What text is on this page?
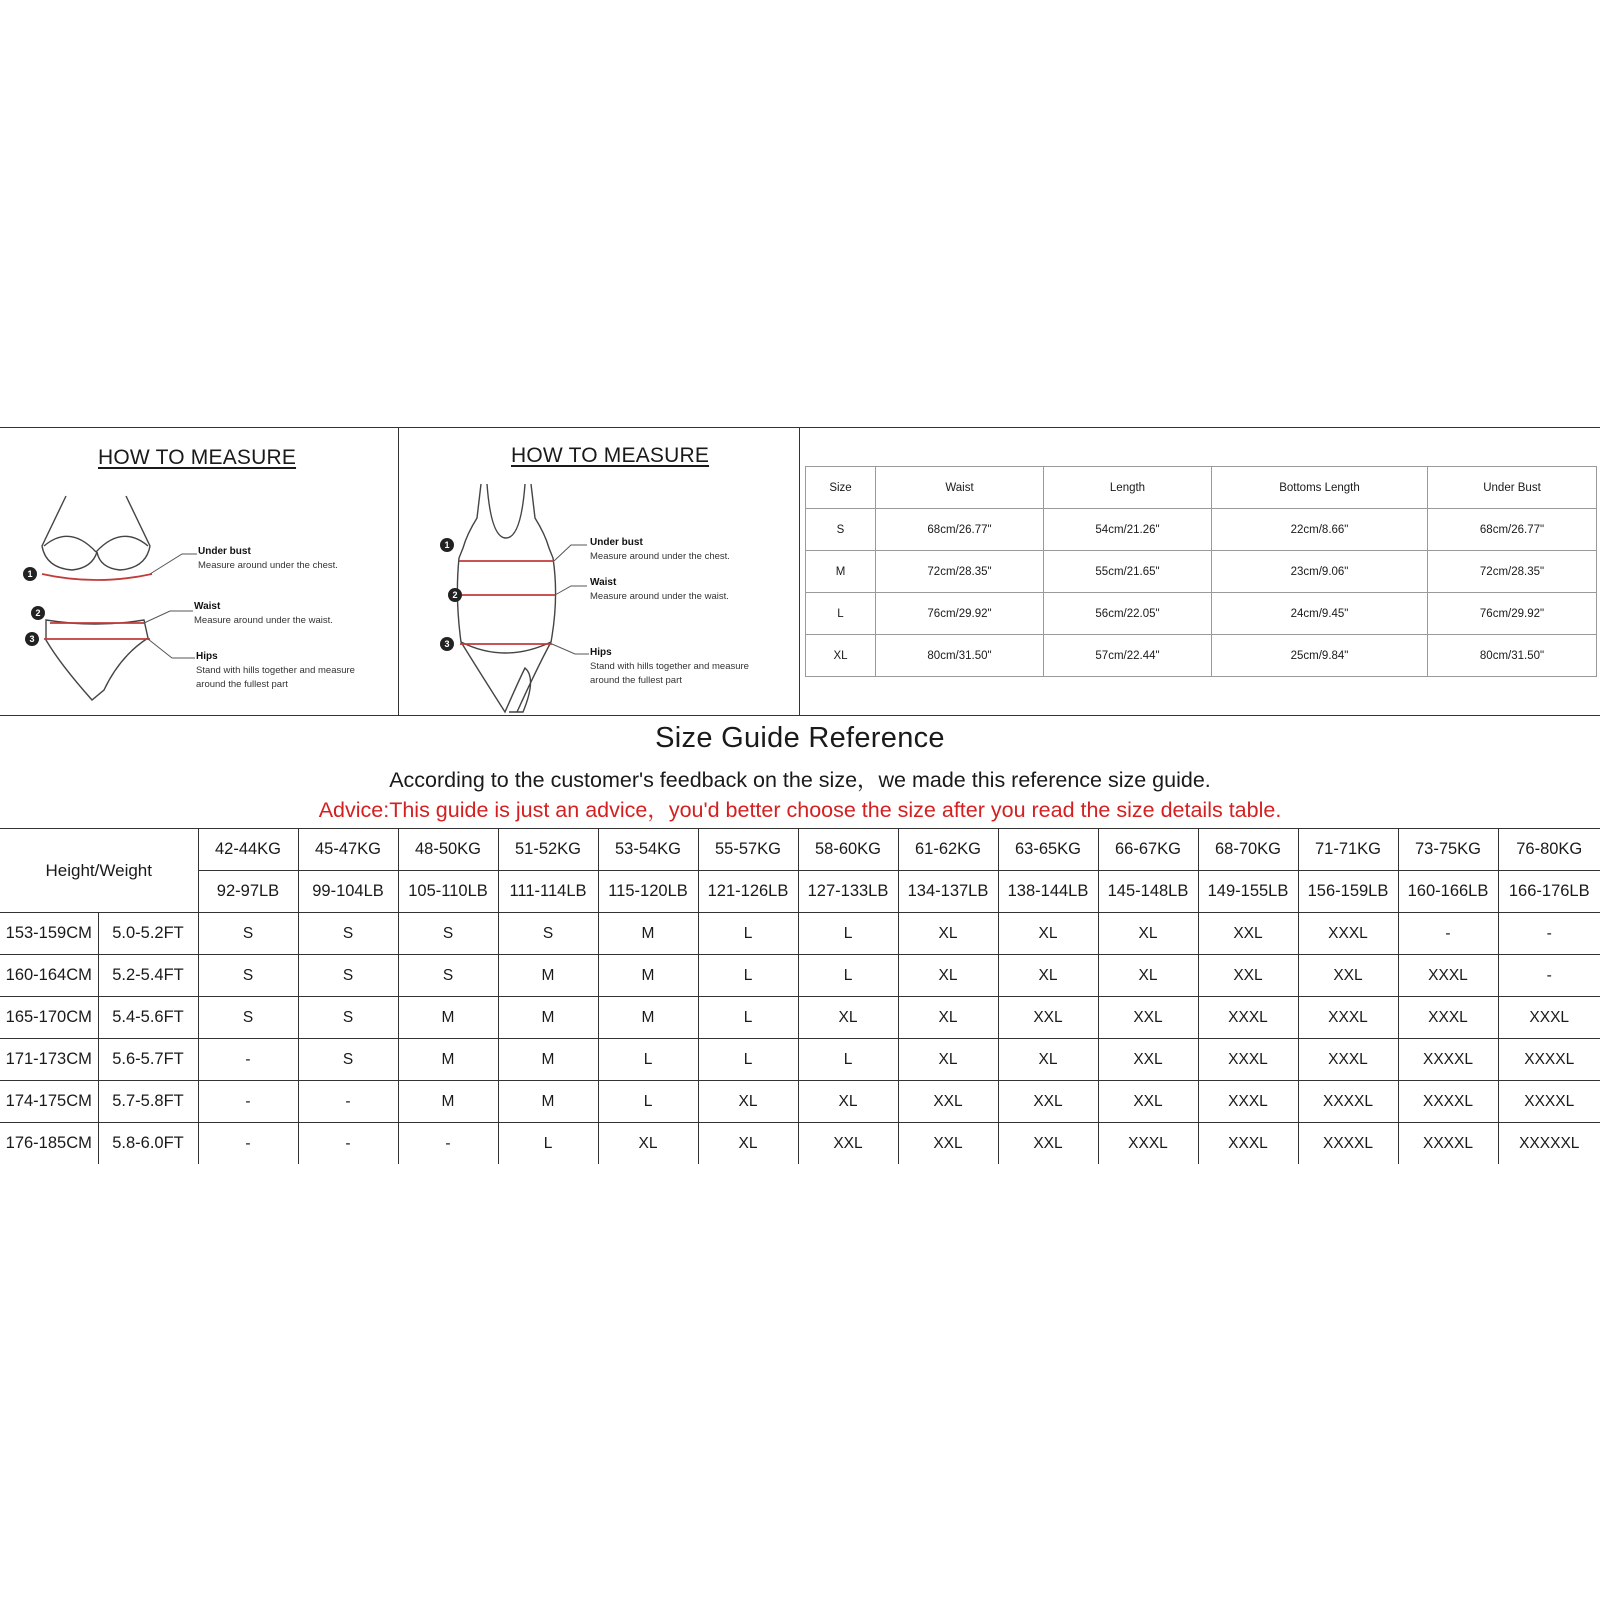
HOW TO MEASURE
1
2
3
Under bust
Measure around under the chest.
Waist
Measure around under the waist.
Hips
Stand with hills together and measure
around the fullest part
HOW TO MEASURE
1
2
3
Under bust
Measure around under the chest.
Waist
Measure around under the waist.
Hips
Stand with hills together and measure
around the fullest part
Size	Waist	Length	Bottoms Length	Under Bust
S	68cm/26.77"	54cm/21.26"	22cm/8.66"	68cm/26.77"
M	72cm/28.35"	55cm/21.65"	23cm/9.06"	72cm/28.35"
L	76cm/29.92"	56cm/22.05"	24cm/9.45"	76cm/29.92"
XL	80cm/31.50"	57cm/22.44"	25cm/9.84"	80cm/31.50"
Size Guide Reference
According to the customer's feedback on the size，we made this reference size guide.
Advice:This guide is just an advice，you'd better choose the size after you read the size details table.
Height/Weight		42-44KG	45-47KG	48-50KG	51-52KG	53-54KG	55-57KG	58-60KG	61-62KG	63-65KG	66-67KG	68-70KG	71-71KG	73-75KG	76-80KG
		92-97LB	99-104LB	105-110LB	111-114LB	115-120LB	121-126LB	127-133LB	134-137LB	138-144LB	145-148LB	149-155LB	156-159LB	160-166LB	166-176LB
153-159CM	5.0-5.2FT	S	S	S	S	M	L	L	XL	XL	XL	XXL	XXXL	-	-
160-164CM	5.2-5.4FT	S	S	S	M	M	L	L	XL	XL	XL	XXL	XXL	XXXL	-
165-170CM	5.4-5.6FT	S	S	M	M	M	L	XL	XL	XXL	XXL	XXXL	XXXL	XXXL	XXXL
171-173CM	5.6-5.7FT	-	S	M	M	L	L	L	XL	XL	XXL	XXXL	XXXL	XXXXL	XXXXL
174-175CM	5.7-5.8FT	-	-	M	M	L	XL	XL	XXL	XXL	XXL	XXXL	XXXXL	XXXXL	XXXXL
176-185CM	5.8-6.0FT	-	-	-	L	XL	XL	XXL	XXL	XXL	XXXL	XXXL	XXXXL	XXXXL	XXXXXL
